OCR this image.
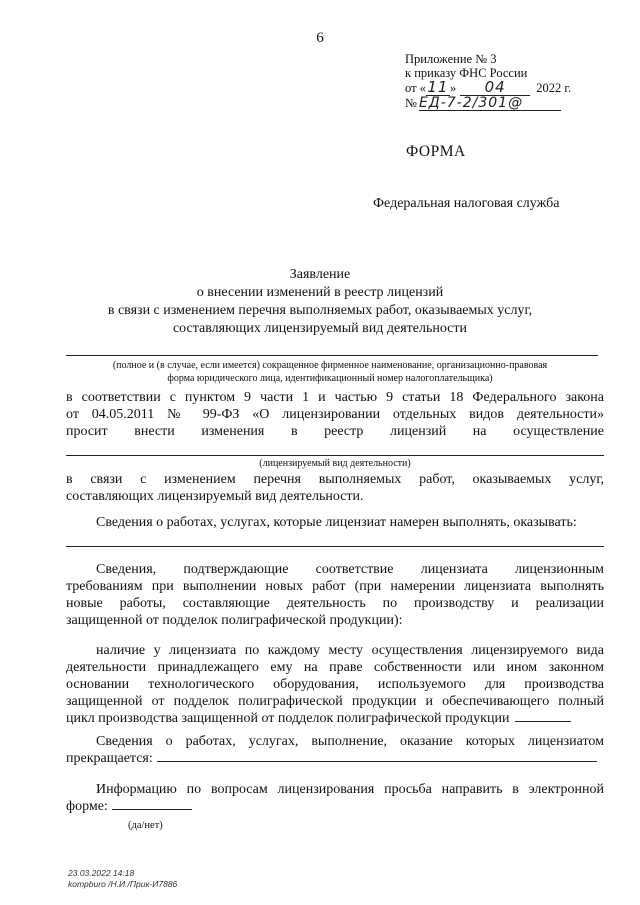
6
Приложение № 3
к приказу ФНС России
от «11» 04 2022 г.
№ ЕД-7-2/301@
ФОРМА
Федеральная налоговая служба
Заявление
о внесении изменений в реестр лицензий
в связи с изменением перечня выполняемых работ, оказываемых услуг,
составляющих лицензируемый вид деятельности
(полное и (в случае, если имеется) сокращенное фирменное наименование, организационно-правовая
форма юридического лица, идентификационный номер налогоплательщика)
в соответствии с пунктом 9 части 1 и частью 9 статьи 18 Федерального закона
от 04.05.2011 № 99-ФЗ «О лицензировании отдельных видов деятельности»
просит внести изменения в реестр лицензий на осуществление
(лицензируемый вид деятельности)
в связи с изменением перечня выполняемых работ, оказываемых услуг,
составляющих лицензируемый вид деятельности.
Сведения о работах, услугах, которые лицензиат намерен выполнять, оказывать:
Сведения, подтверждающие соответствие лицензиата лицензионным
требованиям при выполнении новых работ (при намерении лицензиата выполнять
новые работы, составляющие деятельность по производству и реализации
защищенной от подделок полиграфической продукции):
наличие у лицензиата по каждому месту осуществления лицензируемого вида
деятельности принадлежащего ему на праве собственности или ином законном
основании технологического оборудования, используемого для производства
защищенной от подделок полиграфической продукции и обеспечивающего полный
цикл производства защищенной от подделок полиграфической продукции
Сведения о работах, услугах, выполнение, оказание которых лицензиатом
прекращается:
Информацию по вопросам лицензирования просьба направить в электронной
форме:
(да/нет)
23.03.2022 14:18
kompburo /Н.И./Прик-И7886
